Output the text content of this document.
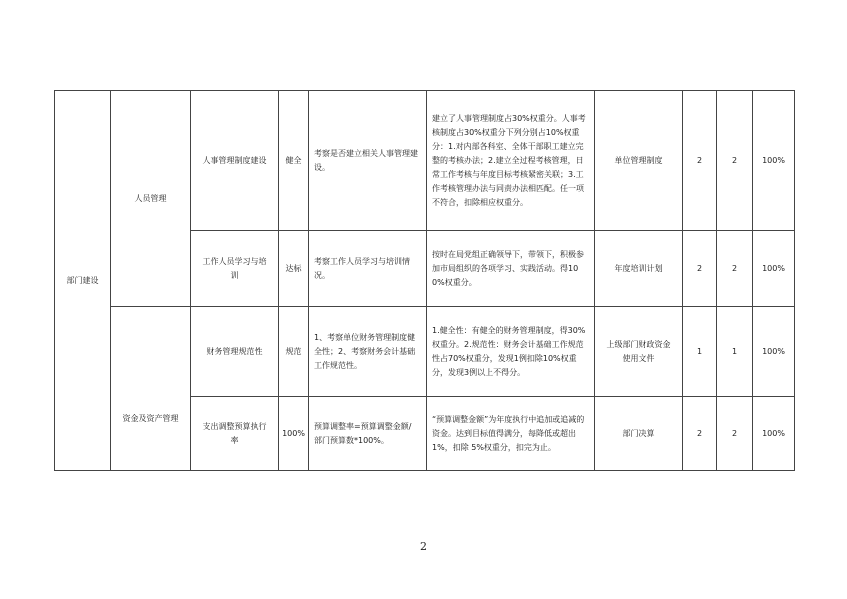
部门建设	人员管理	人事管理制度建设	健全	考察是否建立相关人事管理建设。	建立了人事管理制度占30%权重分。人事考核制度占30%权重分下列分别占10%权重分：1.对内部各科室、全体干部职工建立完整的考核办法；2.建立全过程考核管理，日常工作考核与年度目标考核紧密关联；3.工作考核管理办法与同责办法相匹配。任一项不符合，扣除相应权重分。	单位管理制度	2	2	100%
		工作人员学习与培训	达标	考察工作人员学习与培训情况。	按时在局党组正确领导下，带领下，积极参加市局组织的各项学习、实践活动。得100%权重分。	年度培训计划	2	2	100%
	资金及资产管理	财务管理规范性	规范	1、考察单位财务管理制度健全性；2、考察财务会计基础工作规范性。	1.健全性：有健全的财务管理制度，得30% 权重分。2.规范性：财务会计基础工作规范性占70%权重分，发现1例扣除10%权重分，发现3例以上不得分。	上级部门财政资金使用文件	1	1	100%
		支出调整预算执行率	100%	预算调整率=预算调整金额/ 部门预算数*100%。	“预算调整金额”为年度执行中追加或追减的资金。达到目标值得满分，每降低或超出 1%，扣除 5%权重分，扣完为止。	部门决算	2	2	100%
2
